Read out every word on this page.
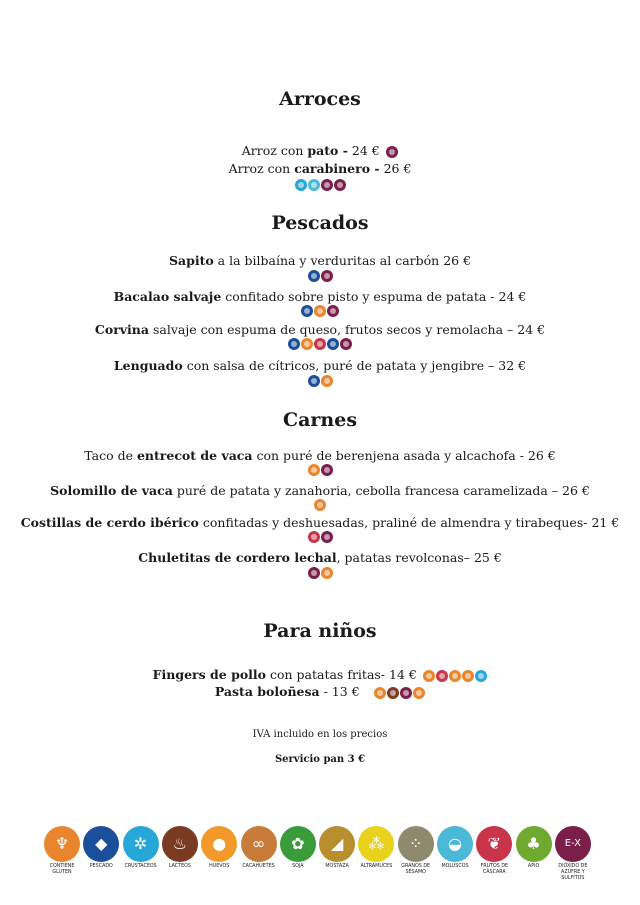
Arroces
Arroz con pato - 24 €
Arroz con carabinero - 26 €
Pescados
Sapito a la bilbaína y verduritas al carbón 26 €
Bacalao salvaje confitado sobre pisto y espuma de patata - 24 €
Corvina salvaje con espuma de queso, frutos secos y remolacha – 24 €
Lenguado con salsa de cítricos, puré de patata y jengibre – 32 €
Carnes
Taco de entrecot de vaca con puré de berenjena asada y alcachofa - 26 €
Solomillo de vaca puré de patata y zanahoria, cebolla francesa caramelizada – 26 €
Costillas de cerdo ibérico confitadas y deshuesadas, praliné de almendra y tirabeques- 21 €
Chuletitas de cordero lechal, patatas revolconas– 25 €
Para niños
Fingers de pollo con patatas fritas- 14 €
Pasta boloñesa - 13 €
IVA incluido en los precios
Servicio pan 3 €
♆
CONTIENE GLUTEN
◆
PESCADO
✲
CRUSTACEOS
♨
LACTEOS
●
HUEVOS
∞
CACAHUETES
✿
SOJA
◢
MOSTAZA
⁂
ALTRAMUCES
⁘
GRANOS DE SÉSAMO
◒
MOLUSCOS
❦
FRUTOS DE CÁSCARA
♣
APIO
E-X
DIÓXIDO DE AZUFRE Y SULFITOS
